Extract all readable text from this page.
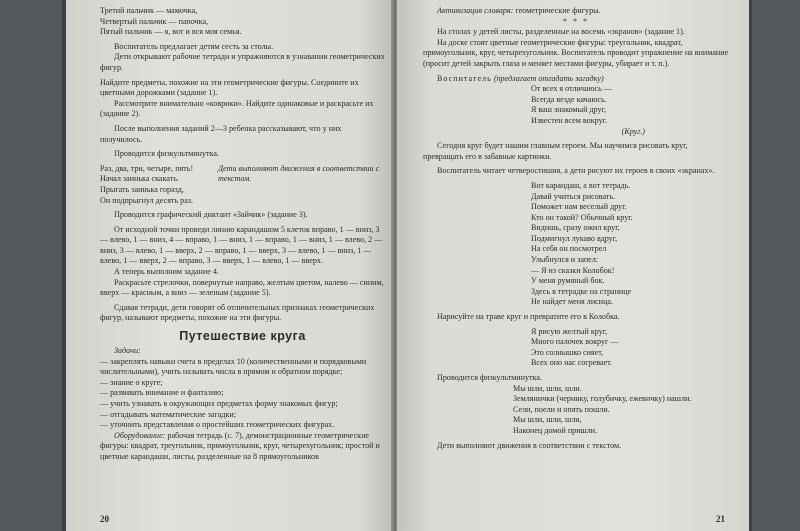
Третий пальчик — мамочка,

Четвертый пальчик — папочка,

Пятый пальчик — я, вот и вся моя семья.

Воспитатель предлагает детям сесть за столы.

Дети открывают рабочие тетради и упражняются в узнавании геометрических фигур.

Найдите предметы, похожие на эти геометрические фигуры. Соедините их цветными дорожками (задание 1).

Рассмотрите внимательно «коврики». Найдите одинаковые и раскрасьте их (задание 2).

После выполнения заданий 2—3 ребенка рассказывают, что у них получилось.

Проводится физкультминутка.

Раз, два, три, четыре, пять!

Начал заинька скакать.

Прыгать заинька горазд,

Он подпрыгнул десять раз.

Дети выполняют движения в соответствии с текстом.

Проводится графический диктант «Зайчик» (задание 3).

От исходной точки проведи линию карандашом 5 клеток вправо, 1 — вниз, 3 — влево, 1 — вниз, 4 — вправо, 1 — вниз, 1 — вправо, 1 — вниз, 1 — влево, 2 — вниз, 3 — влево, 1 — вверх, 2 — вправо, 1 — вверх, 3 — влево, 1 — вниз, 1 — влево, 1 — вверх, 2 — вправо, 3 — вверх, 1 — влево, 1 — вверх.

А теперь выполним задание 4.

Раскрасьте стрелочки, повернутые направо, желтым цветом, налево — синим, вверх — красным, а вниз — зеленым (задание 5).

Сдавая тетради, дети говорят об отличительных признаках геометрических фигур, называют предметы, похожие на эти фигуры.

Путешествие круга

Задачи:

— закреплять навыки счета в пределах 10 (количественными и порядковыми числительными), учить называть числа в прямом и обратном порядке;

— знание о круге;

— развивать внимание и фантазию;

— учить узнавать в окружающих предметах форму знакомых фигур;

— отгадывать математические загадки;

— уточнить представления о простейших геометрических фигурах.

Оборудование: рабочая тетрадь (с. 7), демонстрационные геометрические фигуры: квадрат, треугольник, прямоугольник, круг, четырехугольник; простой и цветные карандаши, листы, разделенные на 8 прямоугольников

20

Активизация словаря: геометрические фигуры.

* * *

На столах у детей листы, разделенные на восемь «экранов» (задание 1).

На доске стоят цветные геометрические фигуры: треугольник, квадрат, прямоугольник, круг, четырехугольник. Воспитатель проводит упражнение на внимание (просит детей закрыть глаза и меняет местами фигуры, убирает и т. п.).

Воспитатель (предлагает отгадать загадку)

От всех я отличаюсь —

Всегда везде качаюсь.

Я ваш знакомый друг,

Известен всем вокруг.

(Круг.)

Сегодня круг будет нашим главным героем. Мы научимся рисовать круг, превращать его в забавные картинки.

Воспитатель читает четверостишия, а дети рисуют их героев в своих «экранах».

Вот карандаш, а вот тетрадь.

Давай учиться рисовать.

Поможет нам веселый друг.

Кто он такой? Обычный круг.

Видишь, сразу ожил круг,

Подмигнул лукаво вдруг,

На себя он посмотрел

Улыбнулся и запел:

— Я из сказки Колобок!

У меня румяный бок.

Здесь в тетрадке на странице

Не найдет меня лисица.

Нарисуйте на траве круг и превратите его в Колобка.

Я рисую желтый круг,

Много палочек вокруг —

Это солнышко сияет,

Всех оно нас согревает.

Проводится физкультминутка.

Мы шли, шли, шли.

Землянички (чернику, голубичку, ежевичку) нашли.

Сели, поели и опять пошли.

Мы шли, шли, шли,

Наконец домой пришли.

Дети выполняют движения в соответствии с текстом.

21
